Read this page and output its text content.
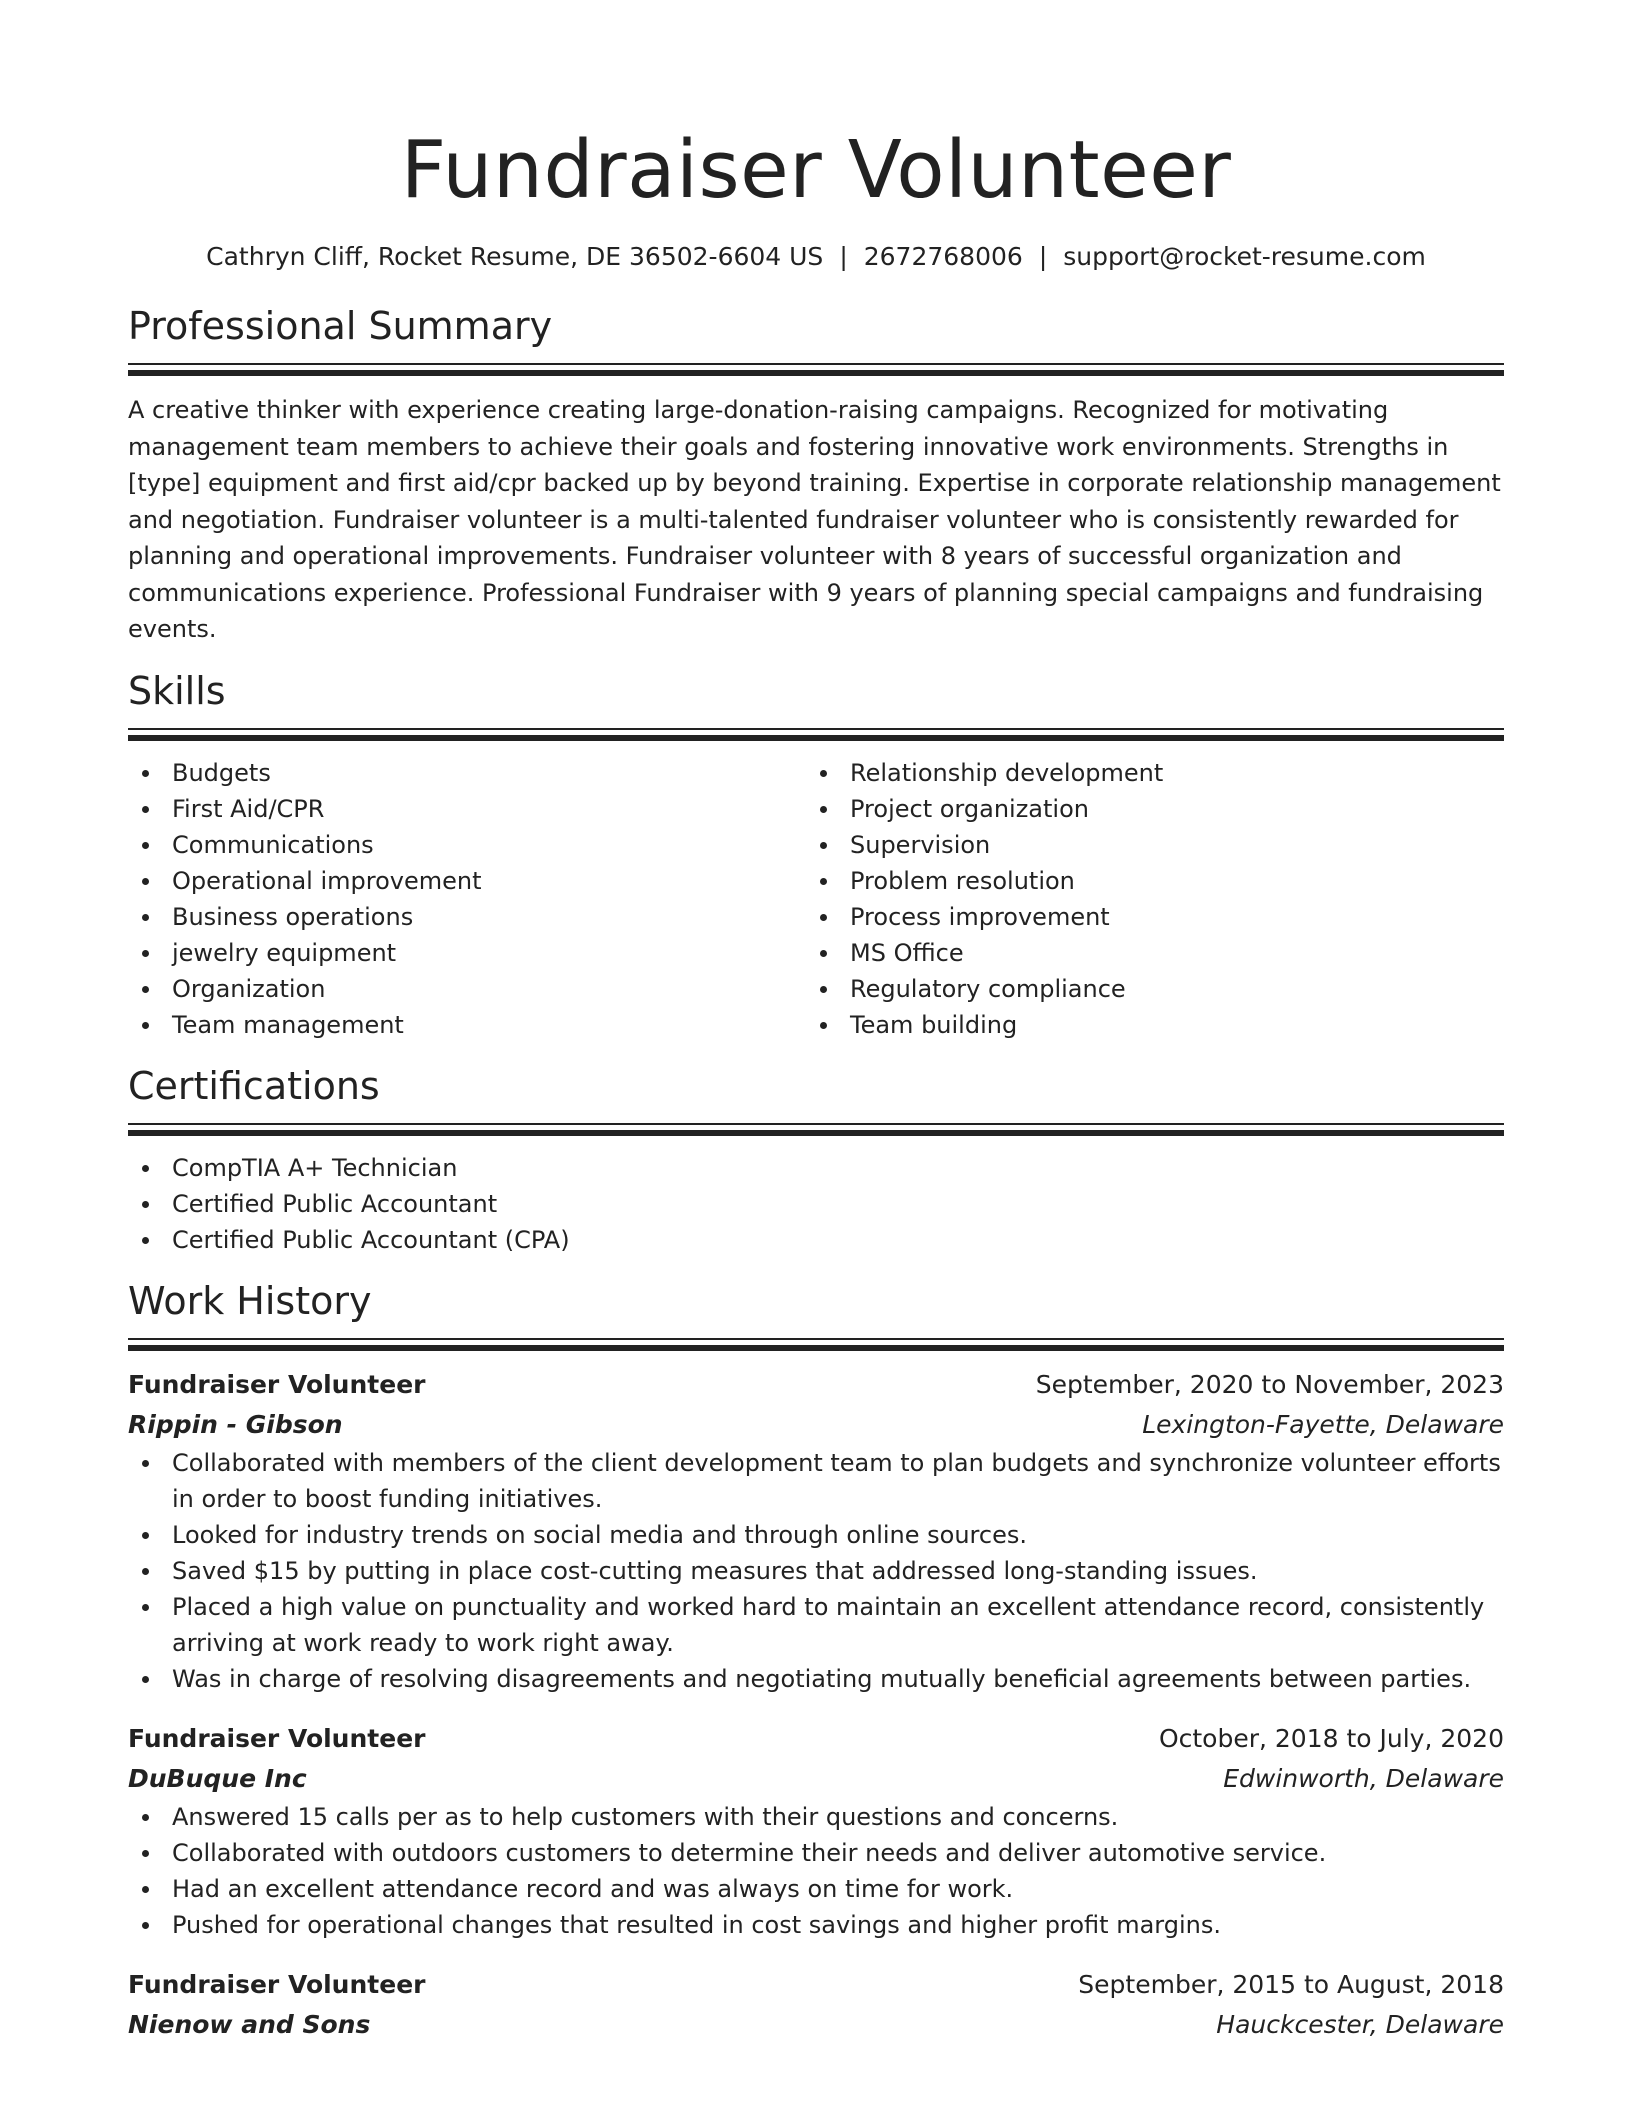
Fundraiser Volunteer
Cathryn Cliff, Rocket Resume, DE 36502-6604 US | 2672768006 | support@rocket-resume.com
Professional Summary
A creative thinker with experience creating large-donation-raising campaigns. Recognized for motivating management team members to achieve their goals and fostering innovative work environments. Strengths in [type] equipment and first aid/cpr backed up by beyond training. Expertise in corporate relationship management and negotiation. Fundraiser volunteer is a multi-talented fundraiser volunteer who is consistently rewarded for planning and operational improvements. Fundraiser volunteer with 8 years of successful organization and communications experience. Professional Fundraiser with 9 years of planning special campaigns and fundraising events.
Skills
Budgets
First Aid/CPR
Communications
Operational improvement
Business operations
jewelry equipment
Organization
Team management
Relationship development
Project organization
Supervision
Problem resolution
Process improvement
MS Office
Regulatory compliance
Team building
Certifications
CompTIA A+ Technician
Certified Public Accountant
Certified Public Accountant (CPA)
Work History
Fundraiser Volunteer	September, 2020 to November, 2023
Rippin - Gibson	Lexington-Fayette, Delaware
Collaborated with members of the client development team to plan budgets and synchronize volunteer efforts in order to boost funding initiatives.
Looked for industry trends on social media and through online sources.
Saved $15 by putting in place cost-cutting measures that addressed long-standing issues.
Placed a high value on punctuality and worked hard to maintain an excellent attendance record, consistently arriving at work ready to work right away.
Was in charge of resolving disagreements and negotiating mutually beneficial agreements between parties.
Fundraiser Volunteer	October, 2018 to July, 2020
DuBuque Inc	Edwinworth, Delaware
Answered 15 calls per as to help customers with their questions and concerns.
Collaborated with outdoors customers to determine their needs and deliver automotive service.
Had an excellent attendance record and was always on time for work.
Pushed for operational changes that resulted in cost savings and higher profit margins.
Fundraiser Volunteer	September, 2015 to August, 2018
Nienow and Sons	Hauckcester, Delaware
